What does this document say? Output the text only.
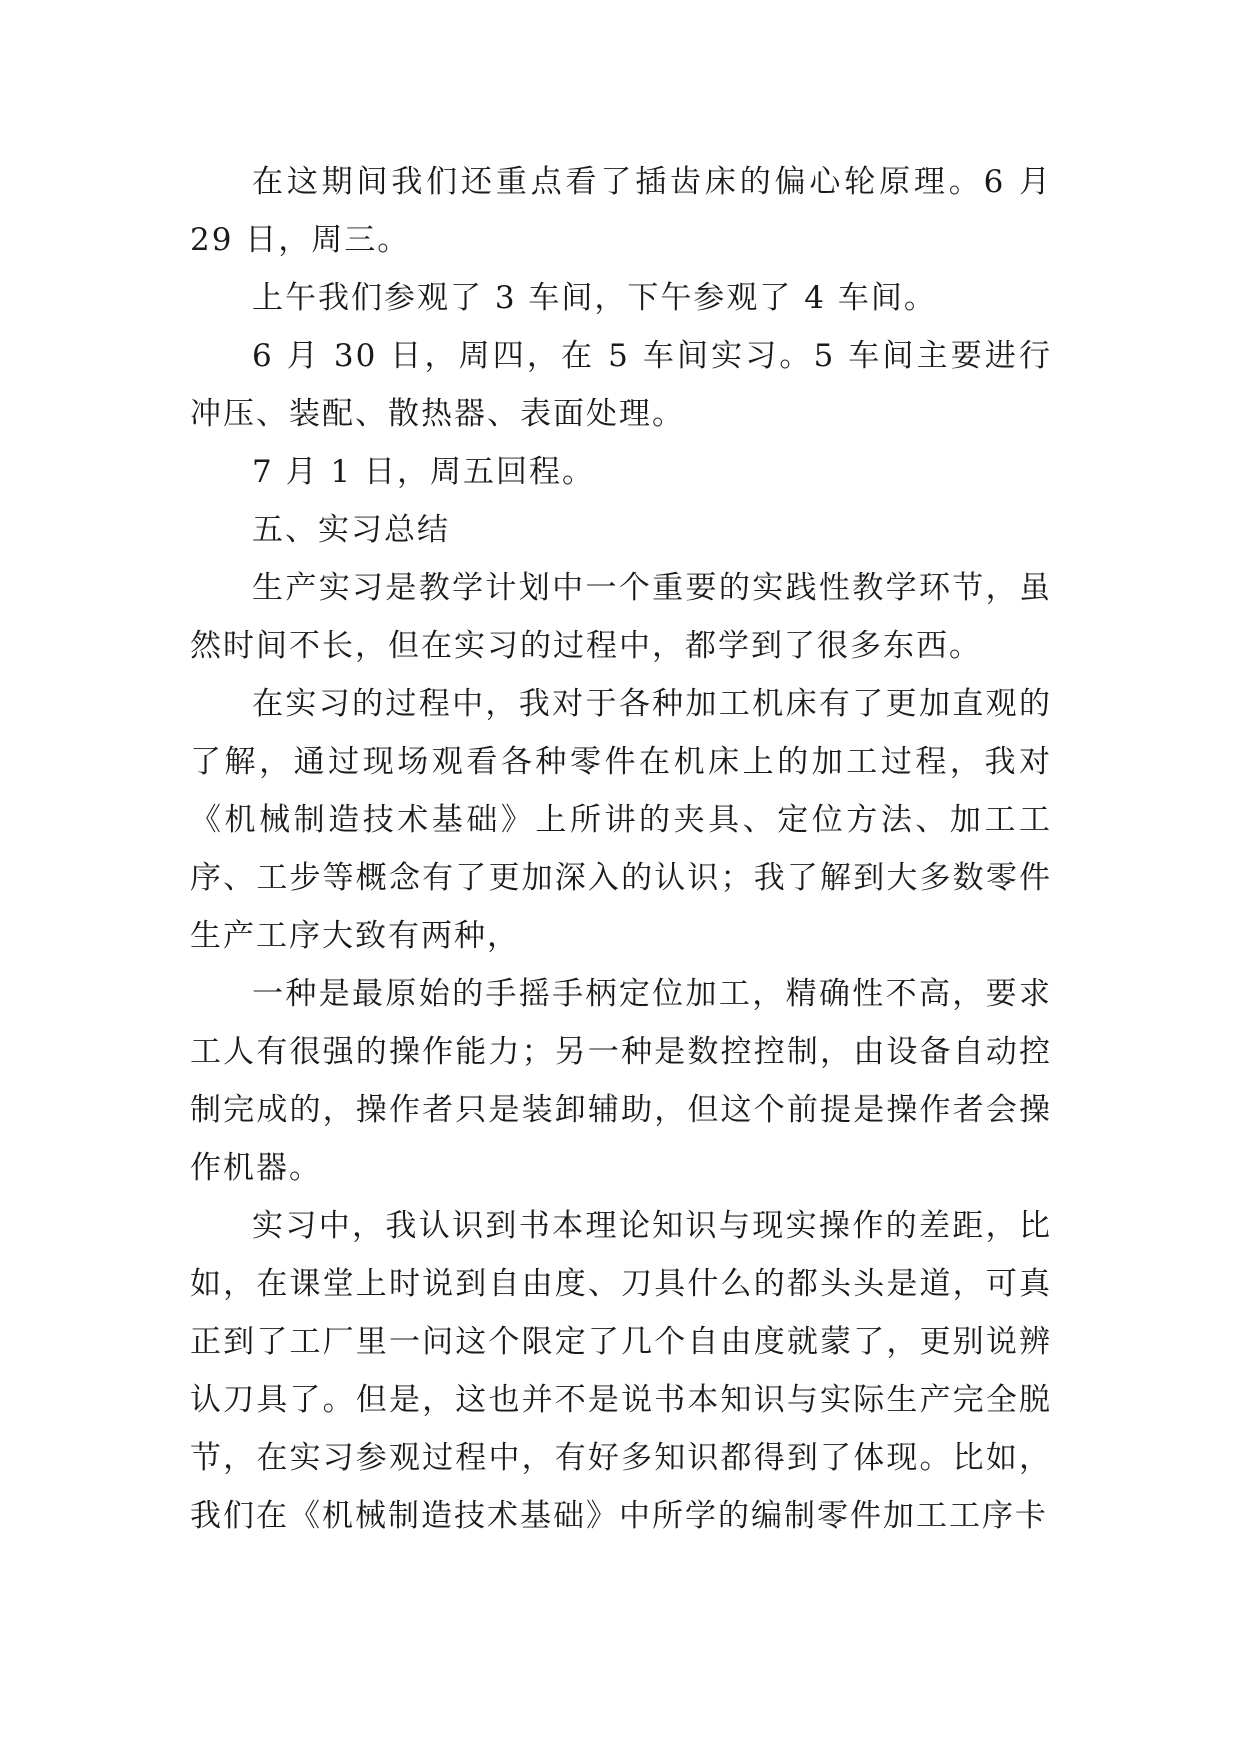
在这期间我们还重点看了插齿床的偏心轮原理。6 月 29 日，周三。

上午我们参观了 3 车间，下午参观了 4 车间。

6 月 30 日，周四，在 5 车间实习。5 车间主要进行冲压、装配、散热器、表面处理。

7 月 1 日，周五回程。

五、实习总结

生产实习是教学计划中一个重要的实践性教学环节，虽然时间不长，但在实习的过程中，都学到了很多东西。

在实习的过程中，我对于各种加工机床有了更加直观的了解，通过现场观看各种零件在机床上的加工过程，我对《机械制造技术基础》上所讲的夹具、定位方法、加工工序、工步等概念有了更加深入的认识；我了解到大多数零件生产工序大致有两种，

一种是最原始的手摇手柄定位加工，精确性不高，要求工人有很强的操作能力；另一种是数控控制，由设备自动控制完成的，操作者只是装卸辅助，但这个前提是操作者会操作机器。

实习中，我认识到书本理论知识与现实操作的差距，比如，在课堂上时说到自由度、刀具什么的都头头是道，可真正到了工厂里一问这个限定了几个自由度就蒙了，更别说辨认刀具了。但是，这也并不是说书本知识与实际生产完全脱节，在实习参观过程中，有好多知识都得到了体现。比如，我们在《机械制造技术基础》中所学的编制零件加工工序卡
